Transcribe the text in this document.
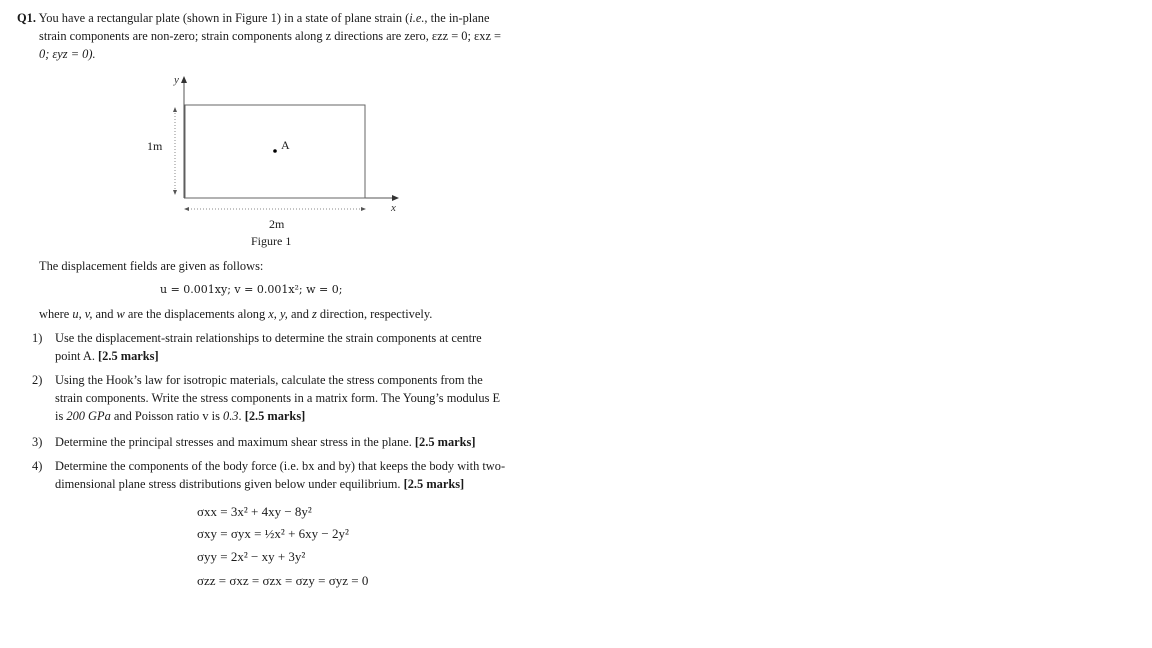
Q1. You have a rectangular plate (shown in Figure 1) in a state of plane strain (i.e., the in-plane
strain components are non-zero; strain components along z directions are zero, εzz = 0; εxz =
0; εyz = 0).
y
x
1m
2m
A
Figure 1
The displacement fields are given as follows:
u = 0.001xy; v = 0.001x²; w = 0;
where u, v, and w are the displacements along x, y, and z direction, respectively.
1) Use the displacement-strain relationships to determine the strain components at centre
point A. [2.5 marks]
2) Using the Hook’s law for isotropic materials, calculate the stress components from the
strain components. Write the stress components in a matrix form. The Young’s modulus E
is 200 GPa and Poisson ratio v is 0.3. [2.5 marks]
3) Determine the principal stresses and maximum shear stress in the plane. [2.5 marks]
4) Determine the components of the body force (i.e. bx and by) that keeps the body with two-
dimensional plane stress distributions given below under equilibrium. [2.5 marks]
σxx = 3x² + 4xy − 8y²
σxy = σyx = ½x² + 6xy − 2y²
σyy = 2x² − xy + 3y²
σzz = σxz = σzx = σzy = σyz = 0
